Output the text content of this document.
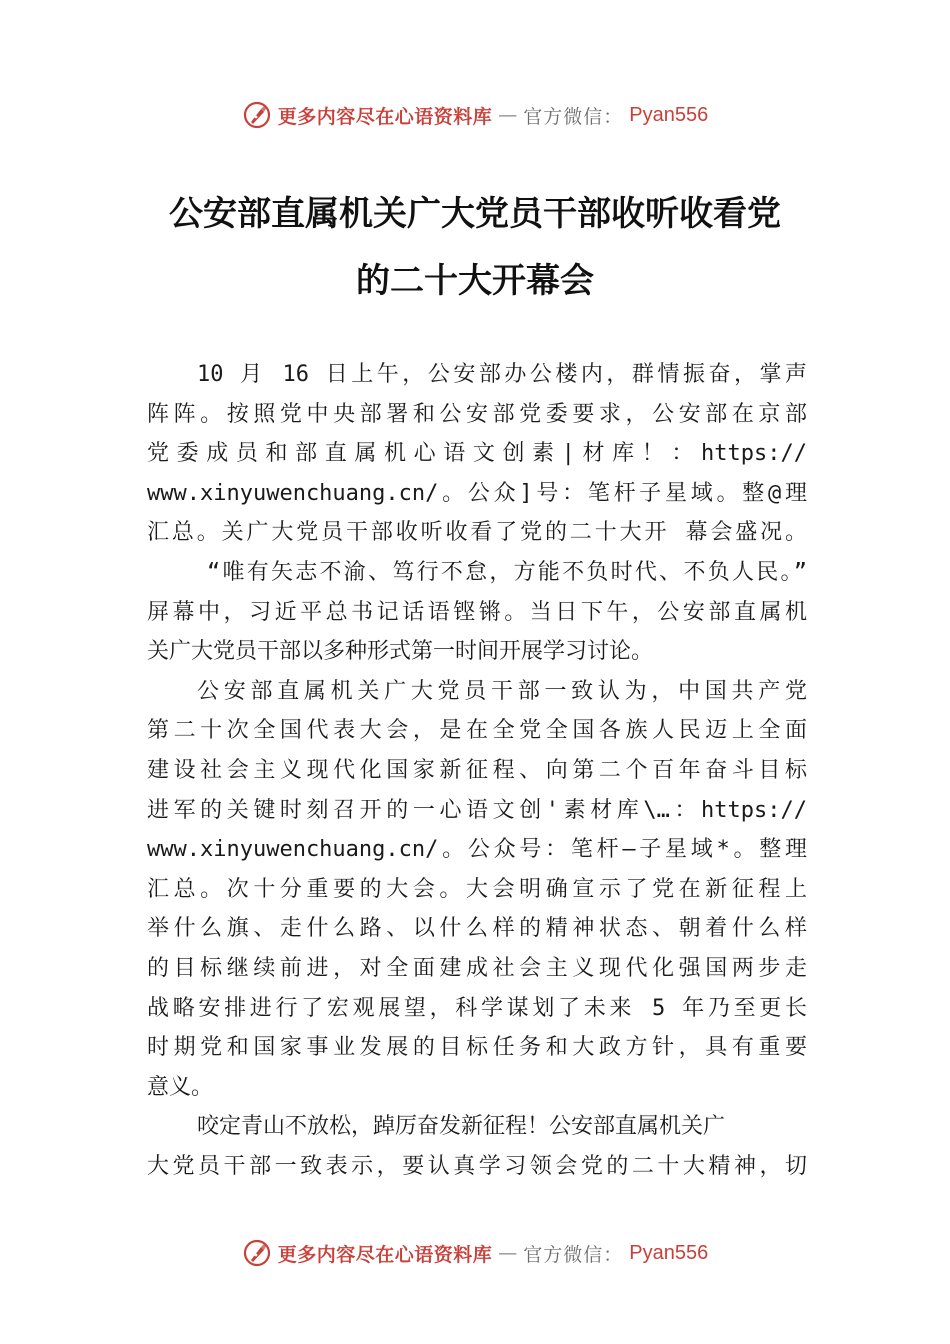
更多内容尽在心语资料库 — 官方微信： Pyan556
公安部直属机关广大党员干部收听收看党
的二十大开幕会
10 月 16 日上午，公安部办公楼内，群情振奋，掌声
阵阵。按照党中央部署和公安部党委要求，公安部在京部
党委成员和部直属机心语文创素|材库！：https://
www.xinyuwenchuang.cn/。公众]号：笔杆子星域。整@理
汇总。关广大党员干部收听收看了党的二十大开 幕会盛况。
“唯有矢志不渝、笃行不怠，方能不负时代、不负人民。”
屏幕中，习近平总书记话语铿锵。当日下午，公安部直属机
关广大党员干部以多种形式第一时间开展学习讨论。
公安部直属机关广大党员干部一致认为，中国共产党
第二十次全国代表大会，是在全党全国各族人民迈上全面
建设社会主义现代化国家新征程、向第二个百年奋斗目标
进军的关键时刻召开的一心语文创'素材库\…：https://
www.xinyuwenchuang.cn/。公众号：笔杆—子星域*。整理
汇总。次十分重要的大会。大会明确宣示了党在新征程上
举什么旗、走什么路、以什么样的精神状态、朝着什么样
的目标继续前进，对全面建成社会主义现代化强国两步走
战略安排进行了宏观展望，科学谋划了未来 5 年乃至更长
时期党和国家事业发展的目标任务和大政方针，具有重要
意义。
咬定青山不放松，踔厉奋发新征程！公安部直属机关广
大党员干部一致表示，要认真学习领会党的二十大精神，切
更多内容尽在心语资料库 — 官方微信： Pyan556
